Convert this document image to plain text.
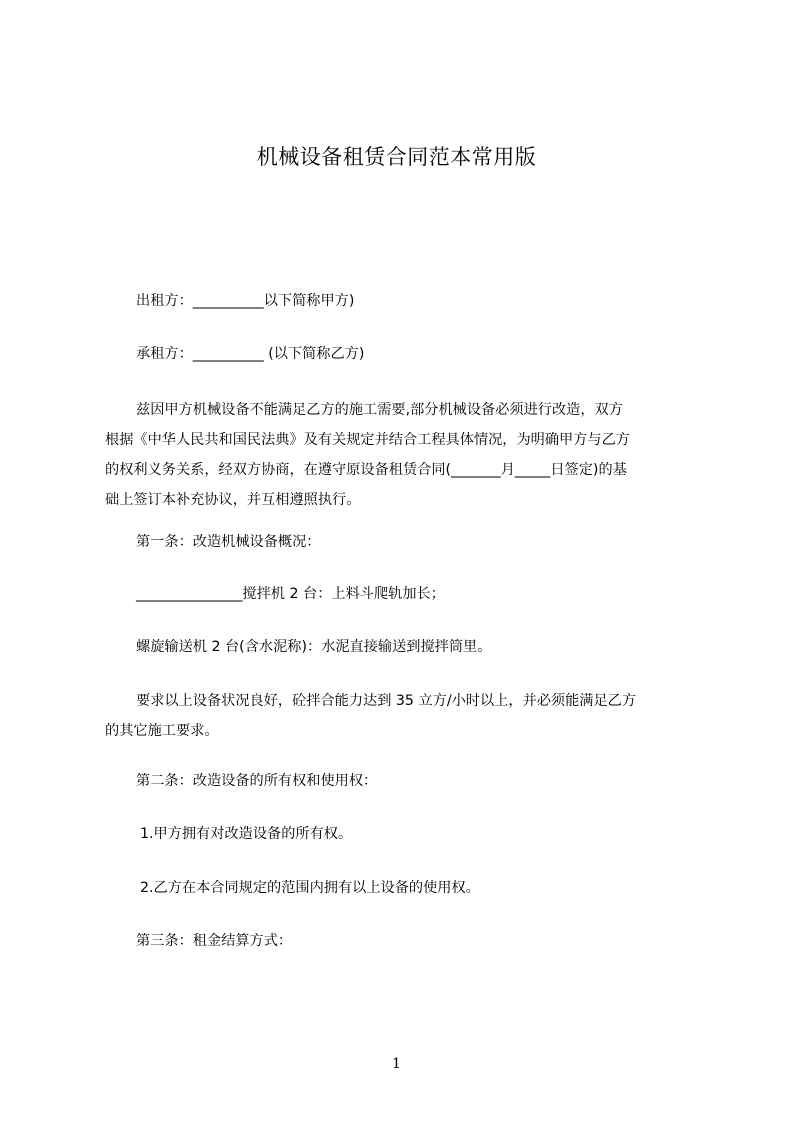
机械设备租赁合同范本常用版
出租方：__________以下简称甲方)
承租方：__________ (以下简称乙方)
兹因甲方机械设备不能满足乙方的施工需要,部分机械设备必须进行改造，双方
根据《中华人民共和国民法典》及有关规定并结合工程具体情况，为明确甲方与乙方
的权利义务关系，经双方协商，在遵守原设备租赁合同(_______月_____日签定)的基
础上签订本补充协议，并互相遵照执行。
第一条：改造机械设备概况：
_______________搅拌机 2 台：上料斗爬轨加长；
螺旋输送机 2 台(含水泥称)：水泥直接输送到搅拌筒里。
要求以上设备状况良好，砼拌合能力达到 35 立方/小时以上，并必须能满足乙方
的其它施工要求。
第二条：改造设备的所有权和使用权：
1.甲方拥有对改造设备的所有权。
2.乙方在本合同规定的范围内拥有以上设备的使用权。
第三条：租金结算方式：
1
